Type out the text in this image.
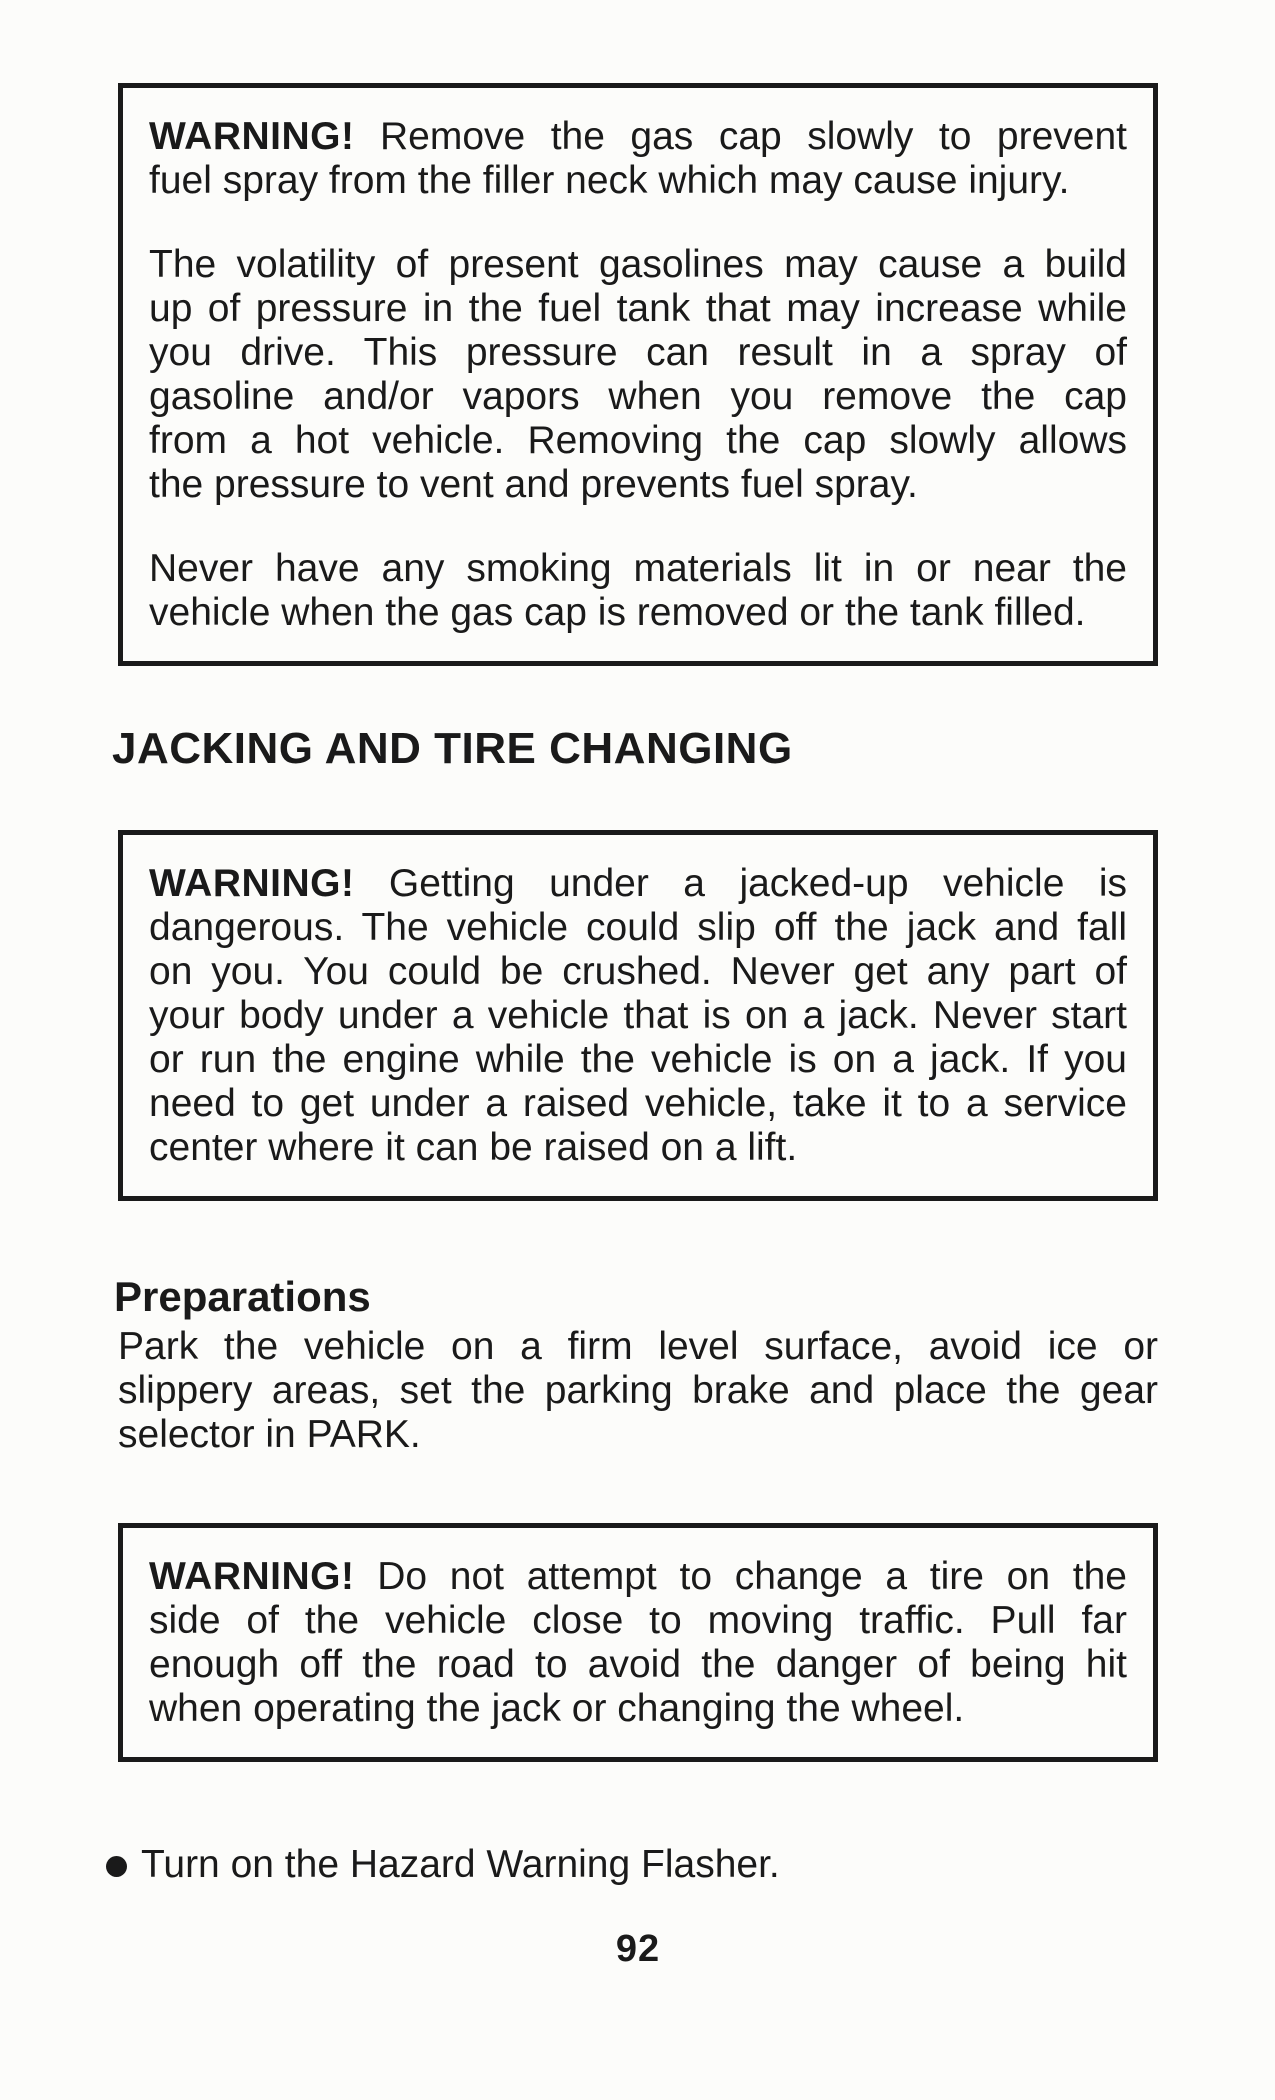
WARNING! Remove the gas cap slowly to prevent
fuel spray from the filler neck which may cause injury.
The volatility of present gasolines may cause a build
up of pressure in the fuel tank that may increase while
you drive. This pressure can result in a spray of
gasoline and/or vapors when you remove the cap
from a hot vehicle. Removing the cap slowly allows
the pressure to vent and prevents fuel spray.
Never have any smoking materials lit in or near the
vehicle when the gas cap is removed or the tank filled.
JACKING AND TIRE CHANGING
WARNING! Getting under a jacked-up vehicle is
dangerous. The vehicle could slip off the jack and fall
on you. You could be crushed. Never get any part of
your body under a vehicle that is on a jack. Never start
or run the engine while the vehicle is on a jack. If you
need to get under a raised vehicle, take it to a service
center where it can be raised on a lift.
Preparations
Park the vehicle on a firm level surface, avoid ice or
slippery areas, set the parking brake and place the gear
selector in PARK.
WARNING! Do not attempt to change a tire on the
side of the vehicle close to moving traffic. Pull far
enough off the road to avoid the danger of being hit
when operating the jack or changing the wheel.
Turn on the Hazard Warning Flasher.
92
